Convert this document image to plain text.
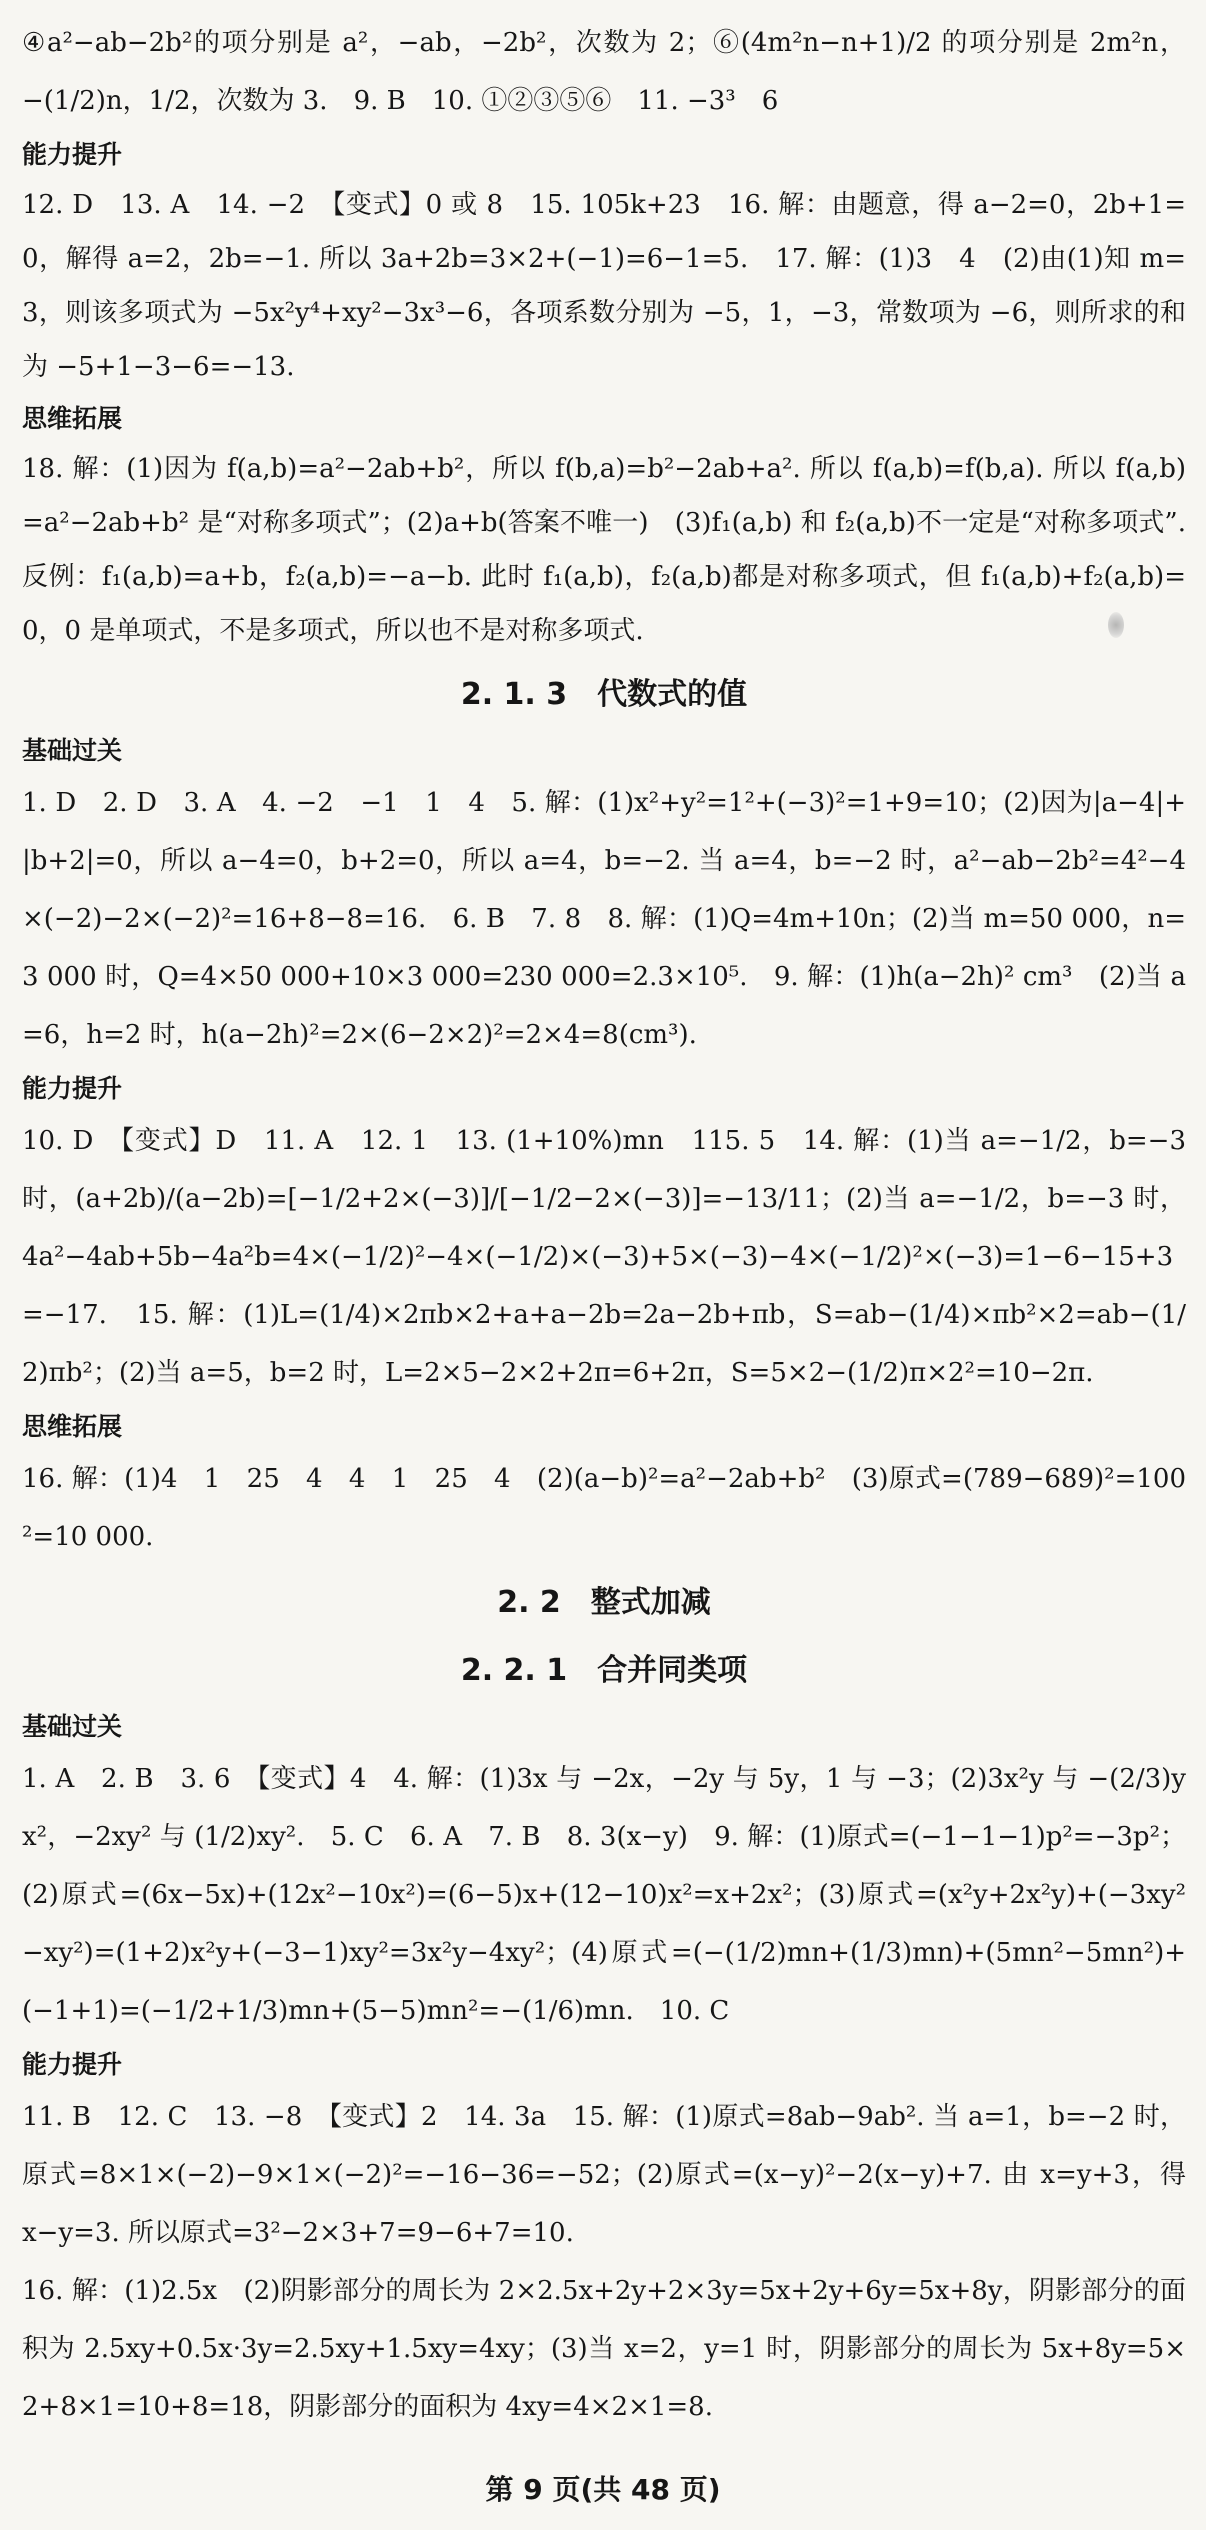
④a²−ab−2b²的项分别是 a²，−ab，−2b²，次数为 2；⑥(4m²n−n+1)/2 的项分别是 2m²n，−(1/2)n，1/2，次数为 3.　9. B　10. ①②③⑤⑥　11. −3³　6

能力提升

12. D　13. A　14. −2　【变式】0 或 8　15. 105k+23　16. 解：由题意，得 a−2=0，2b+1=0，解得 a=2，2b=−1. 所以 3a+2b=3×2+(−1)=6−1=5.　17. 解：(1)3　4　(2)由(1)知 m=3，则该多项式为 −5x²y⁴+xy²−3x³−6，各项系数分别为 −5，1，−3，常数项为 −6，则所求的和为 −5+1−3−6=−13.

思维拓展

18. 解：(1)因为 f(a,b)=a²−2ab+b²，所以 f(b,a)=b²−2ab+a². 所以 f(a,b)=f(b,a). 所以 f(a,b)=a²−2ab+b² 是“对称多项式”；(2)a+b(答案不唯一)　(3)f₁(a,b) 和 f₂(a,b)不一定是“对称多项式”. 反例：f₁(a,b)=a+b，f₂(a,b)=−a−b. 此时 f₁(a,b)，f₂(a,b)都是对称多项式，但 f₁(a,b)+f₂(a,b)=0，0 是单项式，不是多项式，所以也不是对称多项式.

2. 1. 3　代数式的值
基础过关

1. D　2. D　3. A　4. −2　−1　1　4　5. 解：(1)x²+y²=1²+(−3)²=1+9=10；(2)因为|a−4|+|b+2|=0，所以 a−4=0，b+2=0，所以 a=4，b=−2. 当 a=4，b=−2 时，a²−ab−2b²=4²−4×(−2)−2×(−2)²=16+8−8=16.　6. B　7. 8　8. 解：(1)Q=4m+10n；(2)当 m=50 000，n=3 000 时，Q=4×50 000+10×3 000=230 000=2.3×10⁵.　9. 解：(1)h(a−2h)² cm³　(2)当 a=6，h=2 时，h(a−2h)²=2×(6−2×2)²=2×4=8(cm³).

能力提升

10. D　【变式】D　11. A　12. 1　13. (1+10%)mn　115. 5　14. 解：(1)当 a=−1/2，b=−3 时，(a+2b)/(a−2b)=[−1/2+2×(−3)]/[−1/2−2×(−3)]=−13/11；(2)当 a=−1/2，b=−3 时，4a²−4ab+5b−4a²b=4×(−1/2)²−4×(−1/2)×(−3)+5×(−3)−4×(−1/2)²×(−3)=1−6−15+3=−17.　15. 解：(1)L=(1/4)×2πb×2+a+a−2b=2a−2b+πb，S=ab−(1/4)×πb²×2=ab−(1/2)πb²；(2)当 a=5，b=2 时，L=2×5−2×2+2π=6+2π，S=5×2−(1/2)π×2²=10−2π.

思维拓展

16. 解：(1)4　1　25　4　4　1　25　4　(2)(a−b)²=a²−2ab+b²　(3)原式=(789−689)²=100²=10 000.

2. 2　整式加减
2. 2. 1　合并同类项
基础过关

1. A　2. B　3. 6　【变式】4　4. 解：(1)3x 与 −2x，−2y 与 5y，1 与 −3；(2)3x²y 与 −(2/3)yx²，−2xy² 与 (1/2)xy².　5. C　6. A　7. B　8. 3(x−y)　9. 解：(1)原式=(−1−1−1)p²=−3p²；(2)原式=(6x−5x)+(12x²−10x²)=(6−5)x+(12−10)x²=x+2x²；(3)原式=(x²y+2x²y)+(−3xy²−xy²)=(1+2)x²y+(−3−1)xy²=3x²y−4xy²；(4)原式=(−(1/2)mn+(1/3)mn)+(5mn²−5mn²)+(−1+1)=(−1/2+1/3)mn+(5−5)mn²=−(1/6)mn.　10. C

能力提升

11. B　12. C　13. −8　【变式】2　14. 3a　15. 解：(1)原式=8ab−9ab². 当 a=1，b=−2 时，原式=8×1×(−2)−9×1×(−2)²=−16−36=−52；(2)原式=(x−y)²−2(x−y)+7. 由 x=y+3，得 x−y=3. 所以原式=3²−2×3+7=9−6+7=10.

16. 解：(1)2.5x　(2)阴影部分的周长为 2×2.5x+2y+2×3y=5x+2y+6y=5x+8y，阴影部分的面积为 2.5xy+0.5x·3y=2.5xy+1.5xy=4xy；(3)当 x=2，y=1 时，阴影部分的周长为 5x+8y=5×2+8×1=10+8=18，阴影部分的面积为 4xy=4×2×1=8.

第 9 页(共 48 页)
